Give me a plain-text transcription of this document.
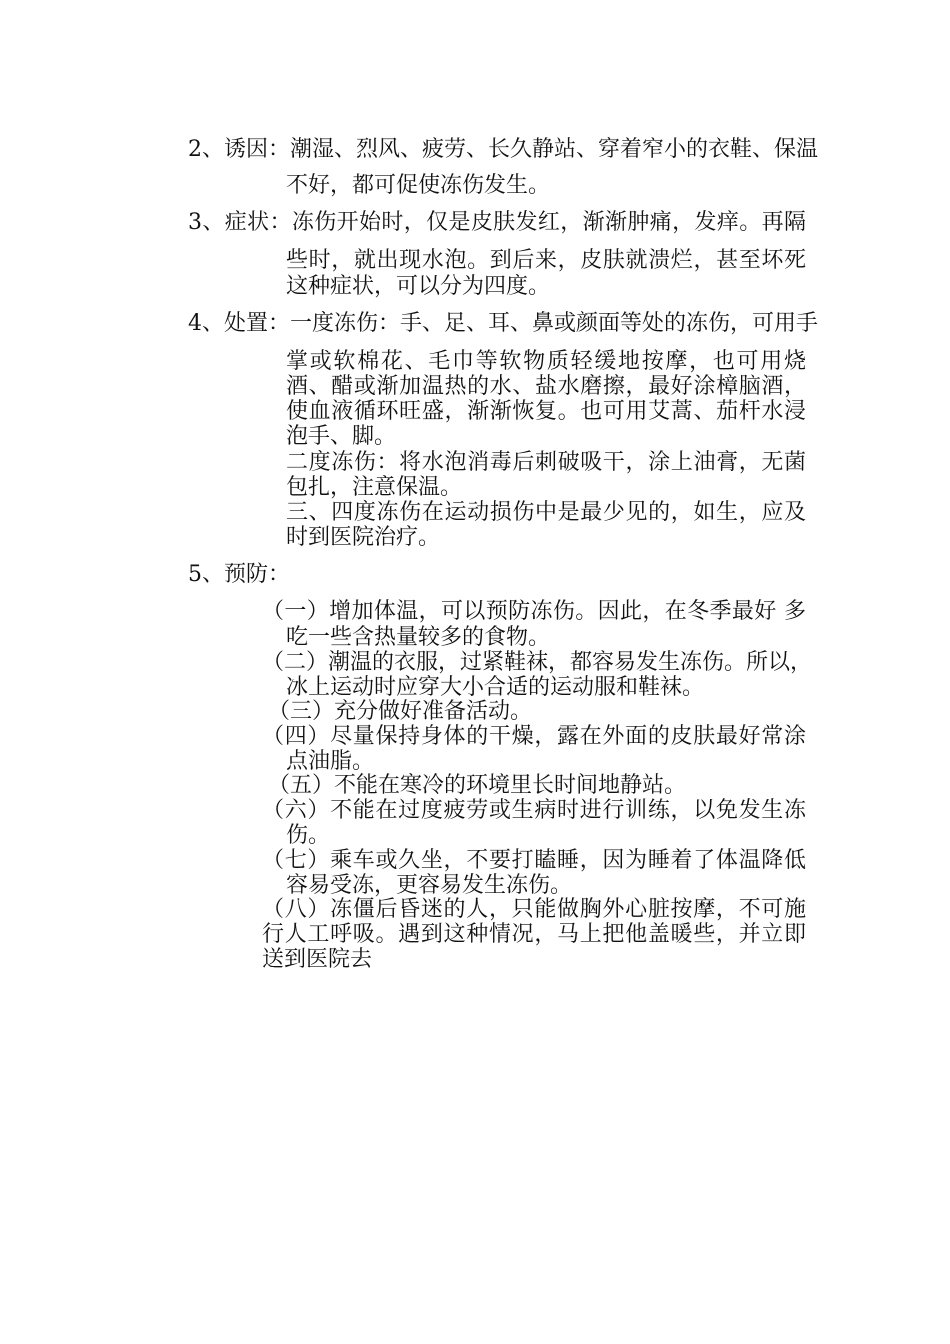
2、诱因：潮湿、烈风、疲劳、长久静站、穿着窄小的衣鞋、保温
不好，都可促使冻伤发生。
3、症状：冻伤开始时，仅是皮肤发红，渐渐肿痛，发痒。再隔
些时，就出现水泡。到后来，皮肤就溃烂，甚至坏死
这种症状，可以分为四度。
4、处置：一度冻伤：手、足、耳、鼻或颜面等处的冻伤，可用手
掌或软棉花、毛巾等软物质轻缓地按摩，也可用烧
酒、醋或渐加温热的水、盐水磨擦，最好涂樟脑酒，
使血液循环旺盛，渐渐恢复。也可用艾蒿、茄杆水浸
泡手、脚。
二度冻伤：将水泡消毒后刺破吸干，涂上油膏，无菌
包扎，注意保温。
三、四度冻伤在运动损伤中是最少见的，如生，应及
时到医院治疗。
5、预防：
（一）增加体温，可以预防冻伤。因此，在冬季最好 多
吃一些含热量较多的食物。
（二）潮温的衣服，过紧鞋袜，都容易发生冻伤。所以，
冰上运动时应穿大小合适的运动服和鞋袜。
（三）充分做好准备活动。
（四）尽量保持身体的干燥，露在外面的皮肤最好常涂
点油脂。
（五）不能在寒冷的环境里长时间地静站。
（六）不能在过度疲劳或生病时进行训练，以免发生冻
伤。
（七）乘车或久坐，不要打瞌睡，因为睡着了体温降低
容易受冻，更容易发生冻伤。
（八）冻僵后昏迷的人，只能做胸外心脏按摩，不可施
行人工呼吸。遇到这种情况，马上把他盖暖些，并立即
送到医院去
